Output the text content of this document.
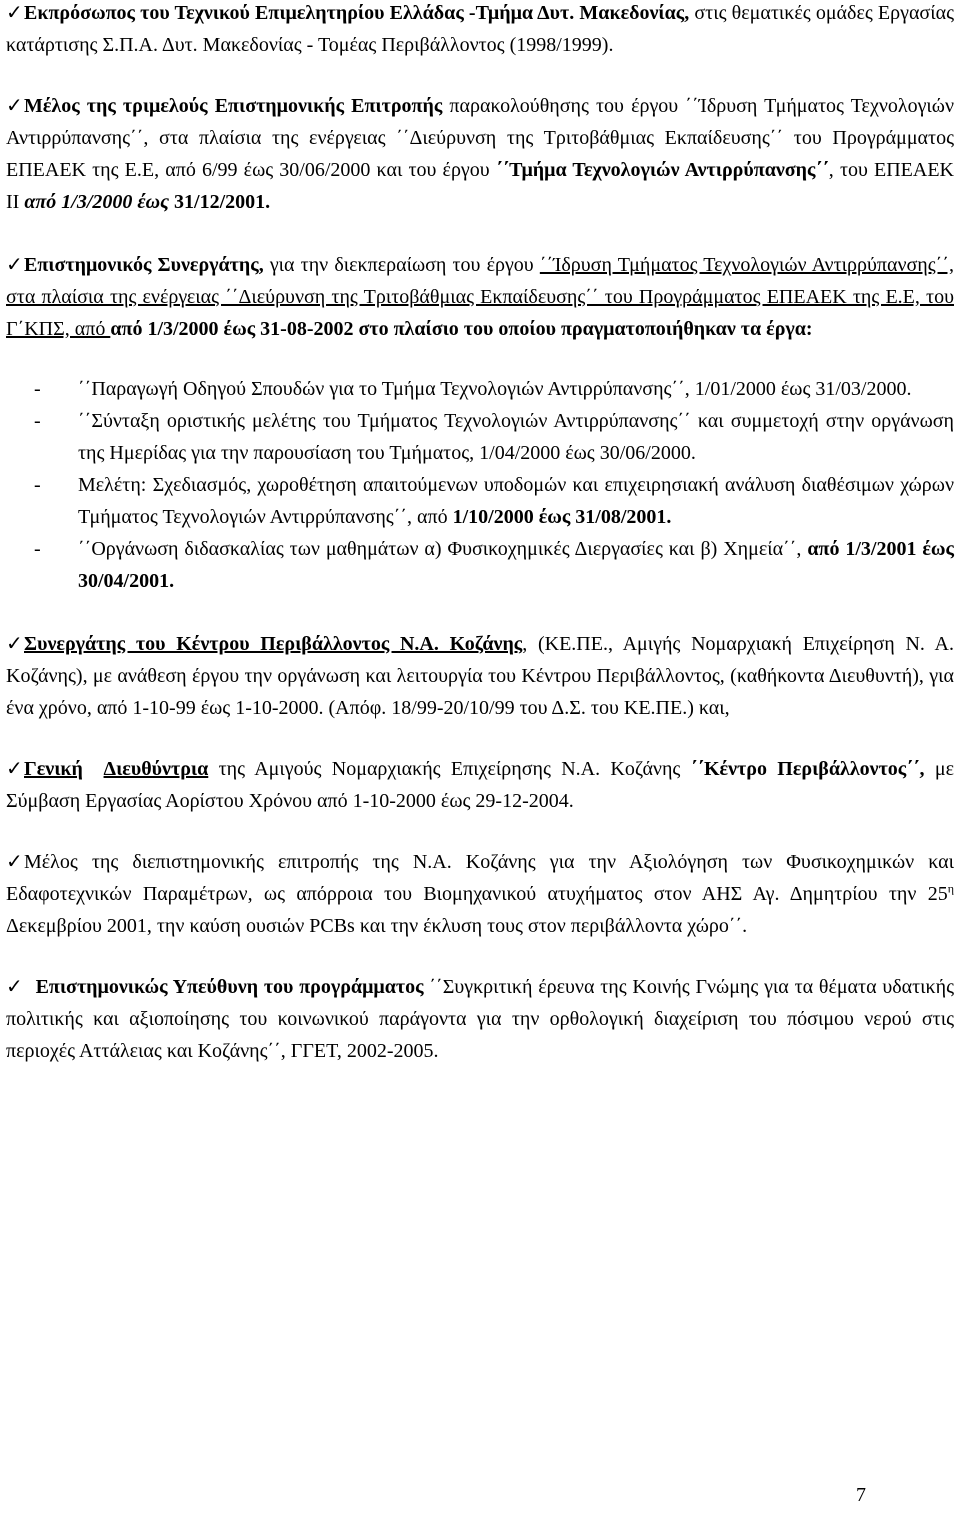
✓Εκπρόσωπος του Τεχνικού Επιμελητηρίου Ελλάδας -Τμήμα Δυτ. Μακεδονίας, στις θεματικές ομάδες Εργασίας κατάρτισης Σ.Π.Α. Δυτ. Μακεδονίας - Τομέας Περιβάλλοντος (1998/1999).

✓Μέλος της τριμελούς Επιστημονικής Επιτροπής παρακολούθησης του έργου ΄΄Ίδρυση Τμήματος Τεχνολογιών Αντιρρύπανσης΄΄, στα πλαίσια της ενέργειας ΄΄Διεύρυνση της Τριτοβάθμιας Εκπαίδευσης΄΄ του Προγράμματος ΕΠΕΑΕΚ της Ε.Ε, από 6/99 έως 30/06/2000 και του έργου ΄΄Τμήμα Τεχνολογιών Αντιρρύπανσης΄΄, του ΕΠΕΑΕΚ ΙΙ από 1/3/2000 έως 31/12/2001.

✓Επιστημονικός Συνεργάτης, για την διεκπεραίωση του έργου ΄΄Ίδρυση Τμήματος Τεχνολογιών Αντιρρύπανσης΄΄, στα πλαίσια της ενέργειας ΄΄Διεύρυνση της Τριτοβάθμιας Εκπαίδευσης΄΄ του Προγράμματος ΕΠΕΑΕΚ της Ε.Ε, του Γ΄ΚΠΣ, από από 1/3/2000 έως 31-08-2002 στο πλαίσιο του οποίου πραγματοποιήθηκαν τα έργα:

- ΄΄Παραγωγή Οδηγού Σπουδών για το Τμήμα Τεχνολογιών Αντιρρύπανσης΄΄, 1/01/2000 έως 31/03/2000.
- ΄΄Σύνταξη οριστικής μελέτης του Τμήματος Τεχνολογιών Αντιρρύπανσης΄΄ και συμμετοχή στην οργάνωση της Ημερίδας για την παρουσίαση του Τμήματος, 1/04/2000 έως 30/06/2000.
- Μελέτη: Σχεδιασμός, χωροθέτηση απαιτούμενων υποδομών και επιχειρησιακή ανάλυση διαθέσιμων χώρων Τμήματος Τεχνολογιών Αντιρρύπανσης΄΄, από 1/10/2000 έως 31/08/2001.
- ΄΄Οργάνωση διδασκαλίας των μαθημάτων α) Φυσικοχημικές Διεργασίες και β) Χημεία΄΄, από 1/3/2001 έως 30/04/2001.

✓Συνεργάτης του Κέντρου Περιβάλλοντος Ν.Α. Κοζάνης, (ΚΕ.ΠΕ., Αμιγής Νομαρχιακή Επιχείρηση Ν. Α. Κοζάνης), με ανάθεση έργου την οργάνωση και λειτουργία του Κέντρου Περιβάλλοντος, (καθήκοντα Διευθυντή), για ένα χρόνο, από 1-10-99 έως 1-10-2000. (Απόφ. 18/99-20/10/99 του Δ.Σ. του ΚΕ.ΠΕ.) και,

✓Γενική Διευθύντρια της Αμιγούς Νομαρχιακής Επιχείρησης Ν.Α. Κοζάνης ΄΄Κέντρο Περιβάλλοντος΄΄, με Σύμβαση Εργασίας Αορίστου Χρόνου από 1-10-2000 έως 29-12-2004.

✓Μέλος της διεπιστημονικής επιτροπής της Ν.Α. Κοζάνης για την Αξιολόγηση των Φυσικοχημικών και Εδαφοτεχνικών Παραμέτρων, ως απόρροια του Βιομηχανικού ατυχήματος στον ΑΗΣ Αγ. Δημητρίου την $25^\eta$ Δεκεμβρίου 2001, την καύση ουσιών PCBs και την έκλυση τους στον περιβάλλοντα χώρο΄΄.

✓ Επιστημονικώς Υπεύθυνη του προγράμματος ΄΄Συγκριτική έρευνα της Κοινής Γνώμης για τα θέματα υδατικής πολιτικής και αξιοποίησης του κοινωνικού παράγοντα για την ορθολογική διαχείριση του πόσιμου νερού στις περιοχές Αττάλειας και Κοζάνης΄΄, ΓΓΕΤ, 2002-2005.

7
